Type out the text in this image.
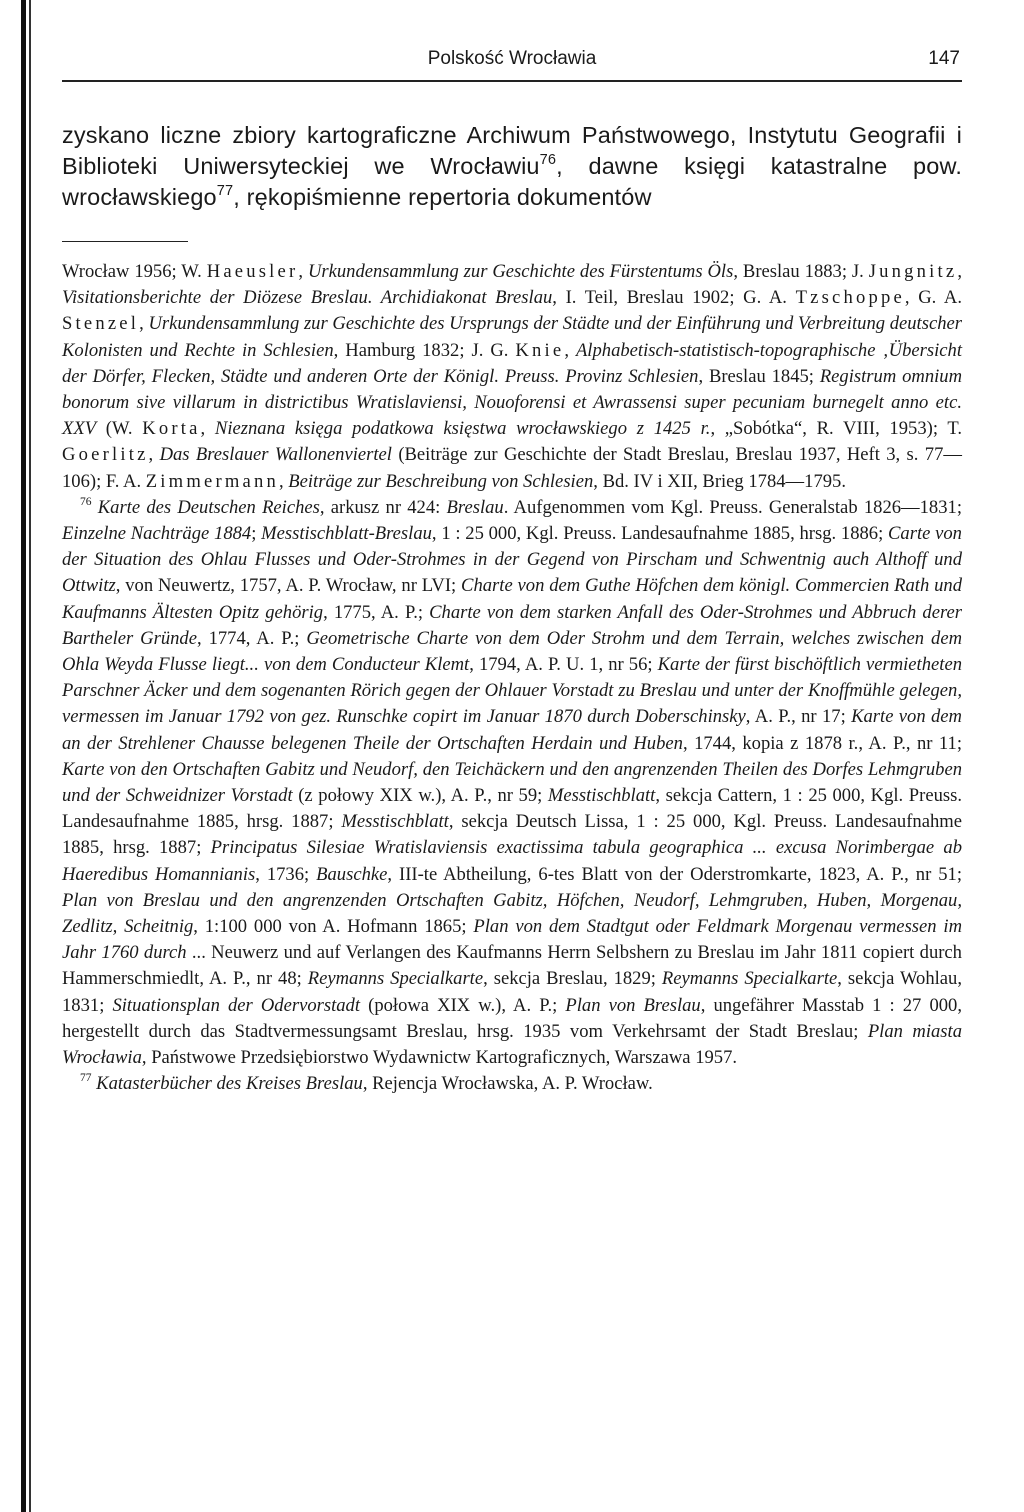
Polskość Wrocławia	147
zyskano liczne zbiory kartograficzne Archiwum Państwowego, Instytutu Geografii i Biblioteki Uniwersyteckiej we Wrocławiu$^{76}$, dawne księgi katastralne pow. wrocławskiego$^{77}$, rękopiśmienne repertoria dokumentów

Wrocław 1956; W. Haeusler, Urkundensammlung zur Geschichte des Fürstentums Öls, Breslau 1883; J. Jungnitz, Visitationsberichte der Diözese Breslau. Archidiakonat Breslau, I. Teil, Breslau 1902; G. A. Tzschoppe, G. A. Stenzel, Urkundensammlung zur Geschichte des Ursprungs der Städte und der Einführung und Verbreitung deutscher Kolonisten und Rechte in Schlesien, Hamburg 1832; J. G. Knie, Alphabetisch-statistisch-topographische ‚Übersicht der Dörfer, Flecken, Städte und anderen Orte der Königl. Preuss. Provinz Schlesien, Breslau 1845; Registrum omnium bonorum sive villarum in districtibus Wratislaviensi, Nouoforensi et Awrassensi super pecuniam burnegelt anno etc. XXV (W. Korta, Nieznana księga podatkowa księstwa wrocławskiego z 1425 r., „Sobótka“, R. VIII, 1953); T. Goerlitz, Das Breslauer Wallonenviertel (Beiträge zur Geschichte der Stadt Breslau, Breslau 1937, Heft 3, s. 77—106); F. A. Zimmermann, Beiträge zur Beschreibung von Schlesien, Bd. IV i XII, Brieg 1784—1795.

$^{76}$ Karte des Deutschen Reiches, arkusz nr 424: Breslau. Aufgenommen vom Kgl. Preuss. Generalstab 1826—1831; Einzelne Nachträge 1884; Messtischblatt-Breslau, 1 : 25 000, Kgl. Preuss. Landesaufnahme 1885, hrsg. 1886; Carte von der Situation des Ohlau Flusses und Oder-Strohmes in der Gegend von Pirscham und Schwentnig auch Althoff und Ottwitz, von Neuwertz, 1757, A. P. Wrocław, nr LVI; Charte von dem Guthe Höfchen dem königl. Commercien Rath und Kaufmanns Ältesten Opitz gehörig, 1775, A. P.; Charte von dem starken Anfall des Oder-Strohmes und Abbruch derer Bartheler Gründe, 1774, A. P.; Geometrische Charte von dem Oder Strohm und dem Terrain, welches zwischen dem Ohla Weyda Flusse liegt... von dem Conducteur Klemt, 1794, A. P. U. 1, nr 56; Karte der fürst bischöftlich vermietheten Parschner Äcker und dem sogenanten Rörich gegen der Ohlauer Vorstadt zu Breslau und unter der Knoffmühle gelegen, vermessen im Januar 1792 von gez. Runschke copirt im Januar 1870 durch Doberschinsky, A. P., nr 17; Karte von dem an der Strehlener Chausse belegenen Theile der Ortschaften Herdain und Huben, 1744, kopia z 1878 r., A. P., nr 11; Karte von den Ortschaften Gabitz und Neudorf, den Teichäckern und den angrenzenden Theilen des Dorfes Lehmgruben und der Schweidnizer Vorstadt (z połowy XIX w.), A. P., nr 59; Messtischblatt, sekcja Cattern, 1 : 25 000, Kgl. Preuss. Landesaufnahme 1885, hrsg. 1887; Messtischblatt, sekcja Deutsch Lissa, 1 : 25 000, Kgl. Preuss. Landesaufnahme 1885, hrsg. 1887; Principatus Silesiae Wratislaviensis exactissima tabula geographica ... excusa Norimbergae ab Haeredibus Homannianis, 1736; Bauschke, III-te Abtheilung, 6-tes Blatt von der Oderstromkarte, 1823, A. P., nr 51; Plan von Breslau und den angrenzenden Ortschaften Gabitz, Höfchen, Neudorf, Lehmgruben, Huben, Morgenau, Zedlitz, Scheitnig, 1:100 000 von A. Hofmann 1865; Plan von dem Stadtgut oder Feldmark Morgenau vermessen im Jahr 1760 durch ... Neuwerz und auf Verlangen des Kaufmanns Herrn Selbshern zu Breslau im Jahr 1811 copiert durch Hammerschmiedlt, A. P., nr 48; Reymanns Specialkarte, sekcja Breslau, 1829; Reymanns Specialkarte, sekcja Wohlau, 1831; Situationsplan der Odervorstadt (połowa XIX w.), A. P.; Plan von Breslau, ungefährer Masstab 1 : 27 000, hergestellt durch das Stadtvermessungsamt Breslau, hrsg. 1935 vom Verkehrsamt der Stadt Breslau; Plan miasta Wrocławia, Państwowe Przedsiębiorstwo Wydawnictw Kartograficznych, Warszawa 1957.

$^{77}$ Katasterbücher des Kreises Breslau, Rejencja Wrocławska, A. P. Wrocław.
